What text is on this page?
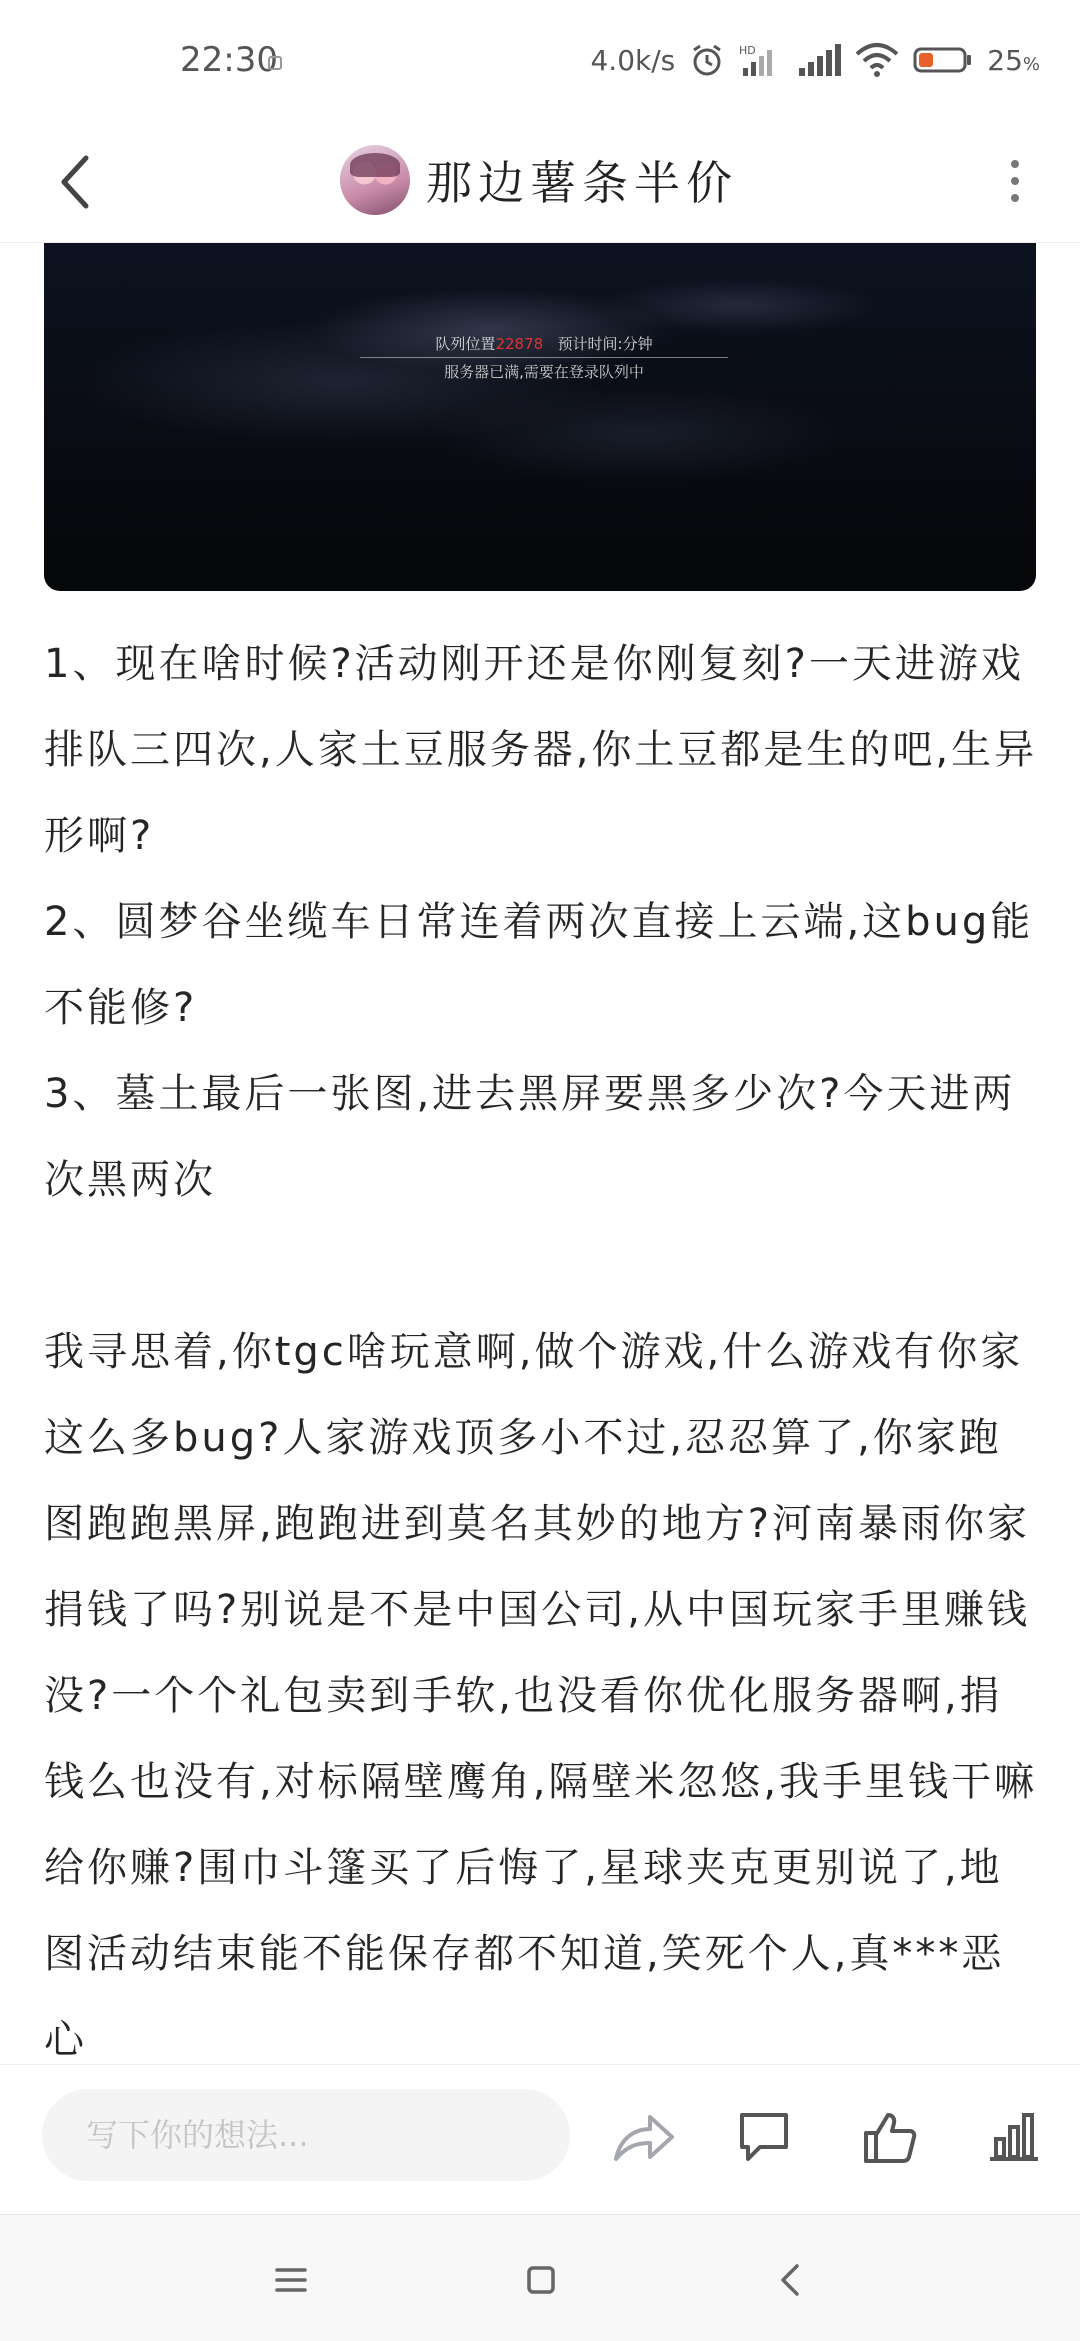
22:30	4.0k/s	HD	25%
那边薯条半价
队列位置22878 预计时间:分钟
服务器已满,需要在登录队列中

1、现在啥时候?活动刚开还是你刚复刻?一天进游戏排队三四次,人家土豆服务器,你土豆都是生的吧,生异形啊?

2、圆梦谷坐缆车日常连着两次直接上云端,这bug能不能修?

3、墓土最后一张图,进去黑屏要黑多少次?今天进两次黑两次

我寻思着,你tgc啥玩意啊,做个游戏,什么游戏有你家这么多bug?人家游戏顶多小不过,忍忍算了,你家跑图跑跑黑屏,跑跑进到莫名其妙的地方?河南暴雨你家捐钱了吗?别说是不是中国公司,从中国玩家手里赚钱没?一个个礼包卖到手软,也没看你优化服务器啊,捐钱么也没有,对标隔壁鹰角,隔壁米忽悠,我手里钱干嘛给你赚?围巾斗篷买了后悔了,星球夹克更别说了,地图活动结束能不能保存都不知道,笑死个人,真***恶心

写下你的想法...
